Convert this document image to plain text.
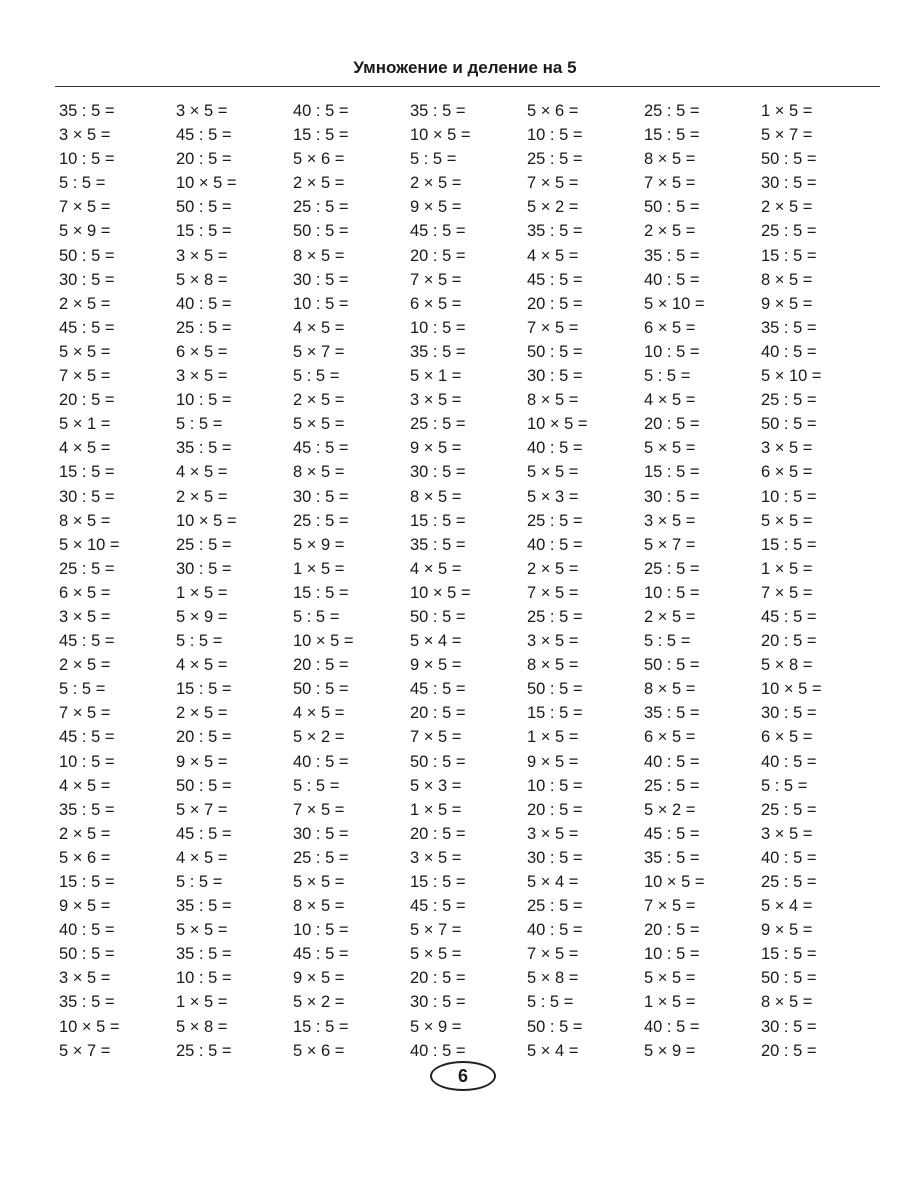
Умножение и деление на 5
35 : 5 =	3 × 5 =	40 : 5 =	35 : 5 =	5 × 6 =	25 : 5 =	1 × 5 =
3 × 5 =	45 : 5 =	15 : 5 =	10 × 5 =	10 : 5 =	15 : 5 =	5 × 7 =
10 : 5 =	20 : 5 =	5 × 6 =	5 : 5 =	25 : 5 =	8 × 5 =	50 : 5 =
5 : 5 =	10 × 5 =	2 × 5 =	2 × 5 =	7 × 5 =	7 × 5 =	30 : 5 =
7 × 5 =	50 : 5 =	25 : 5 =	9 × 5 =	5 × 2 =	50 : 5 =	2 × 5 =
5 × 9 =	15 : 5 =	50 : 5 =	45 : 5 =	35 : 5 =	2 × 5 =	25 : 5 =
50 : 5 =	3 × 5 =	8 × 5 =	20 : 5 =	4 × 5 =	35 : 5 =	15 : 5 =
30 : 5 =	5 × 8 =	30 : 5 =	7 × 5 =	45 : 5 =	40 : 5 =	8 × 5 =
2 × 5 =	40 : 5 =	10 : 5 =	6 × 5 =	20 : 5 =	5 × 10 =	9 × 5 =
45 : 5 =	25 : 5 =	4 × 5 =	10 : 5 =	7 × 5 =	6 × 5 =	35 : 5 =
5 × 5 =	6 × 5 =	5 × 7 =	35 : 5 =	50 : 5 =	10 : 5 =	40 : 5 =
7 × 5 =	3 × 5 =	5 : 5 =	5 × 1 =	30 : 5 =	5 : 5 =	5 × 10 =
20 : 5 =	10 : 5 =	2 × 5 =	3 × 5 =	8 × 5 =	4 × 5 =	25 : 5 =
5 × 1 =	5 : 5 =	5 × 5 =	25 : 5 =	10 × 5 =	20 : 5 =	50 : 5 =
4 × 5 =	35 : 5 =	45 : 5 =	9 × 5 =	40 : 5 =	5 × 5 =	3 × 5 =
15 : 5 =	4 × 5 =	8 × 5 =	30 : 5 =	5 × 5 =	15 : 5 =	6 × 5 =
30 : 5 =	2 × 5 =	30 : 5 =	8 × 5 =	5 × 3 =	30 : 5 =	10 : 5 =
8 × 5 =	10 × 5 =	25 : 5 =	15 : 5 =	25 : 5 =	3 × 5 =	5 × 5 =
5 × 10 =	25 : 5 =	5 × 9 =	35 : 5 =	40 : 5 =	5 × 7 =	15 : 5 =
25 : 5 =	30 : 5 =	1 × 5 =	4 × 5 =	2 × 5 =	25 : 5 =	1 × 5 =
6 × 5 =	1 × 5 =	15 : 5 =	10 × 5 =	7 × 5 =	10 : 5 =	7 × 5 =
3 × 5 =	5 × 9 =	5 : 5 =	50 : 5 =	25 : 5 =	2 × 5 =	45 : 5 =
45 : 5 =	5 : 5 =	10 × 5 =	5 × 4 =	3 × 5 =	5 : 5 =	20 : 5 =
2 × 5 =	4 × 5 =	20 : 5 =	9 × 5 =	8 × 5 =	50 : 5 =	5 × 8 =
5 : 5 =	15 : 5 =	50 : 5 =	45 : 5 =	50 : 5 =	8 × 5 =	10 × 5 =
7 × 5 =	2 × 5 =	4 × 5 =	20 : 5 =	15 : 5 =	35 : 5 =	30 : 5 =
45 : 5 =	20 : 5 =	5 × 2 =	7 × 5 =	1 × 5 =	6 × 5 =	6 × 5 =
10 : 5 =	9 × 5 =	40 : 5 =	50 : 5 =	9 × 5 =	40 : 5 =	40 : 5 =
4 × 5 =	50 : 5 =	5 : 5 =	5 × 3 =	10 : 5 =	25 : 5 =	5 : 5 =
35 : 5 =	5 × 7 =	7 × 5 =	1 × 5 =	20 : 5 =	5 × 2 =	25 : 5 =
2 × 5 =	45 : 5 =	30 : 5 =	20 : 5 =	3 × 5 =	45 : 5 =	3 × 5 =
5 × 6 =	4 × 5 =	25 : 5 =	3 × 5 =	30 : 5 =	35 : 5 =	40 : 5 =
15 : 5 =	5 : 5 =	5 × 5 =	15 : 5 =	5 × 4 =	10 × 5 =	25 : 5 =
9 × 5 =	35 : 5 =	8 × 5 =	45 : 5 =	25 : 5 =	7 × 5 =	5 × 4 =
40 : 5 =	5 × 5 =	10 : 5 =	5 × 7 =	40 : 5 =	20 : 5 =	9 × 5 =
50 : 5 =	35 : 5 =	45 : 5 =	5 × 5 =	7 × 5 =	10 : 5 =	15 : 5 =
3 × 5 =	10 : 5 =	9 × 5 =	20 : 5 =	5 × 8 =	5 × 5 =	50 : 5 =
35 : 5 =	1 × 5 =	5 × 2 =	30 : 5 =	5 : 5 =	1 × 5 =	8 × 5 =
10 × 5 =	5 × 8 =	15 : 5 =	5 × 9 =	50 : 5 =	40 : 5 =	30 : 5 =
5 × 7 =	25 : 5 =	5 × 6 =	40 : 5 =	5 × 4 =	5 × 9 =	20 : 5 =
6
